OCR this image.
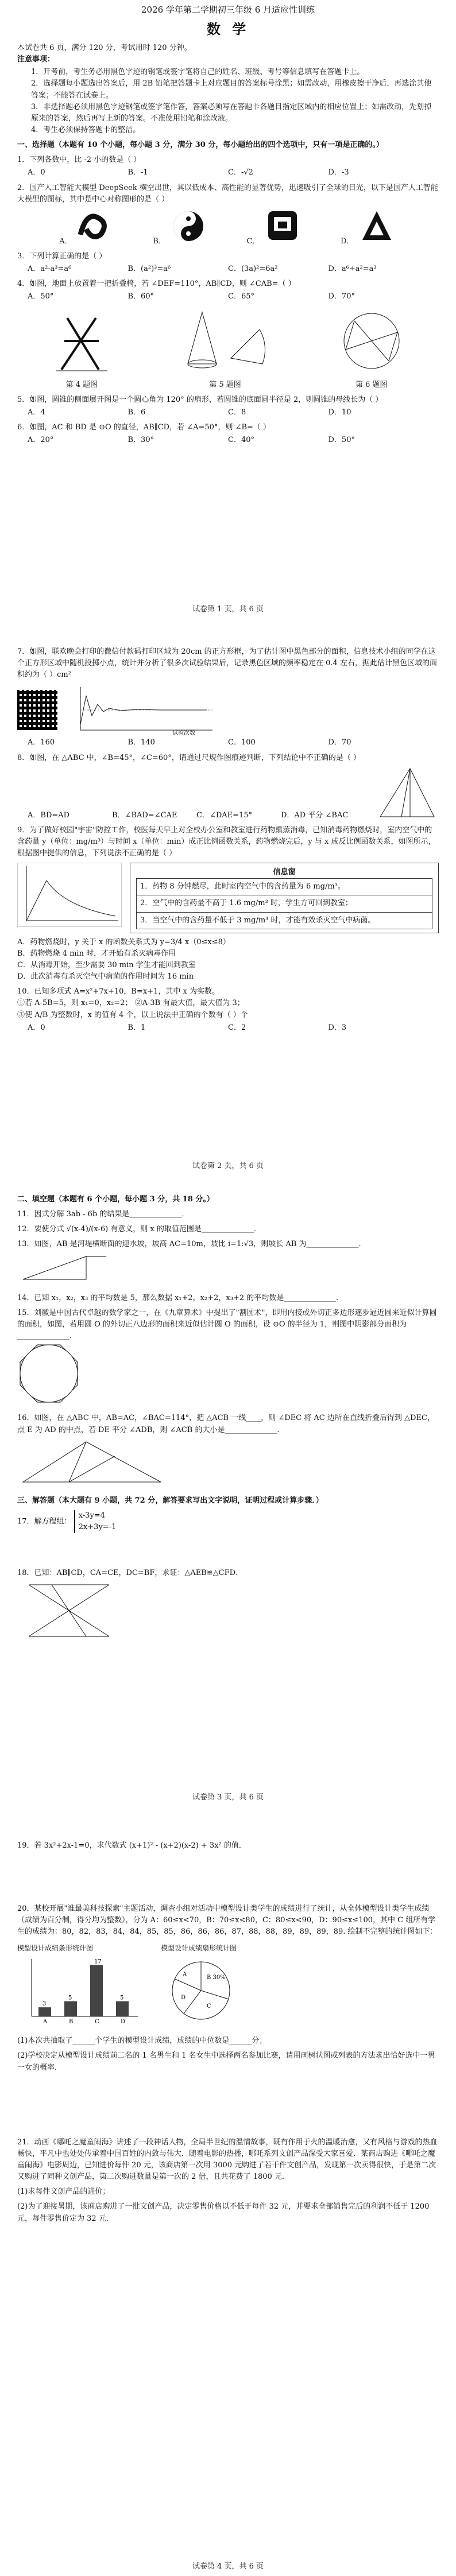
2026 学年第二学期初三年级 6 月适应性训练
数 学
本试卷共 6 页，满分 120 分，考试用时 120 分钟。
注意事项：

1．开考前，考生务必用黑色字迹的钢笔或签字笔将自己的姓名、班级、考号等信息填写在答题卡上。

2．选择题每小题选出答案后，用 2B 铅笔把答题卡上对应题目的答案标号涂黑；如需改动，用橡皮擦干净后，再选涂其他答案；不能答在试卷上。

3．非选择题必须用黑色字迹钢笔或签字笔作答，答案必须写在答题卡各题目指定区域内的相应位置上；如需改动，先划掉原来的答案，然后再写上新的答案。不准使用铅笔和涂改液。

4．考生必须保持答题卡的整洁。

一、选择题（本题有 10 个小题，每小题 3 分，满分 30 分，每小题给出的四个选项中，只有一项是正确的。）
1．下列各数中，比 -2 小的数是（ ）
A．0	B．-1	C．-√2	D．-3
2．国产人工智能大模型 DeepSeek 横空出世，其以低成本、高性能的显著优势，迅速吸引了全球的目光，以下是国产人工智能大模型的图标，其中是中心对称图形的是（ ）
A．	B．	C．	D．
3．下列计算正确的是（ ）
A．a²·a³=a⁶	B．(a²)³=a⁶	C．(3a)²=6a²	D．a⁶÷a²=a³
4．如图，地面上放置着一把折叠椅，若 ∠DEF=110°，AB∥CD，则 ∠CAB=（ ）
A．50°	B．60°	C．65°	D．70°
第 4 题图	第 5 题图	第 6 题图
5．如图，圆锥的侧面展开图是一个圆心角为 120° 的扇形，若圆锥的底面圆半径是 2，则圆锥的母线长为（ ）
A．4	B．6	C．8	D．10
6．如图，AC 和 BD 是 ⊙O 的直径，AB∥CD，若 ∠A=50°，则 ∠B=（ ）
A．20°	B．30°	C．40°	D．50°
试卷第 1 页，共 6 页
7．如图，联欢晚会打印的微信付款码打印区域为 20cm 的正方形框，为了估计图中黑色部分的面积，信息技术小组的同学在这个正方形区域中随机投掷小点，统计并分析了很多次试验结果后，记录黑色区域的频率稳定在 0.4 左右，据此估计黑色区域的面积约为（ ）cm²
试验次数
A．160	B．140	C．100	D．70
8．如图，在 △ABC 中，∠B=45°，∠C=60°，请通过尺规作图痕迹判断，下列结论中不正确的是（ ）
A．BD=AD	B．∠BAD=∠CAE	C．∠DAE=15°	D．AD 平分 ∠BAC
9．为了做好校园"宇宙"防控工作，校医每天早上对全校办公室和教室进行药物熏蒸消毒，已知消毒药物燃烧时，室内空气中的含药量 y（单位：mg/m³）与时间 x（单位：min）成正比例函数关系，药物燃烧完后，y 与 x 成反比例函数关系，如图所示，根据图中提供的信息，下列说法不正确的是（ ）
信息窗
1．药物 8 分钟燃尽，此时室内空气中的含药量为 6 mg/m³。
2．空气中的含药量不高于 1.6 mg/m³ 时，学生方可回到教室；
3．当空气中的含药量不低于 3 mg/m³ 时，才能有效杀灭空气中病菌。
A．药物燃烧时，y 关于 x 的函数关系式为 y=3/4 x（0≤x≤8）
B．药物燃烧 4 min 时，才开始有杀灭病毒作用
C．从消毒开始，至少需要 30 min 学生才能回到教室
D．此次消毒有杀灭空气中病菌的作用时间为 16 min
10．已知多项式 A=x²+7x+10，B=x+1，其中 x 为实数。
①若 A-5B=5，则 x₁=0，x₂=2； ②A-3B 有最大值，最大值为 3；
③使 A/B 为整数时，x 的值有 4 个，以上说法中正确的个数有（ ）个
A．0	B．1	C．2	D．3
试卷第 2 页，共 6 页
二、填空题（本题有 6 个小题，每小题 3 分，共 18 分。）
11．因式分解 3ab - 6b 的结果是______________．
12．要使分式 √(x-4)/(x-6) 有意义，则 x 的取值范围是______________．
13．如图，AB 是河堤横断面的迎水坡，坡高 AC=10m，坡比 i=1:√3，则坡长 AB 为______________．
14．已知 x₁，x₂，x₃ 的平均数是 5，那么数据 x₁+2，x₂+2，x₃+2 的平均数是______________．
15．刘徽是中国古代卓越的数学家之一，在《九章算术》中提出了"割圆术"，即用内接或外切正多边形逐步逼近圆来近似计算圆的面积，如图，若用圆 O 的外切正八边形的面积来近似估计圆 O 的面积，设 ⊙O 的半径为 1，则图中阴影部分面积为______________．
16．如图，在 △ABC 中，AB=AC，∠BAC=114°，把 △ACB 一线____，则 ∠DEC 将 AC 边所在直线折叠后得到 △DEC，点 E 为 AD 的中点，若 DE 平分 ∠ADB，则 ∠ACB 的大小是______________．
三、解答题（本大题有 9 小题，共 72 分，解答要求写出文字说明，证明过程或计算步骤．）
17．解方程组：
x-3y=4
2x+3y=-1
18．已知：AB∥CD，CA=CE，DC=BF，求证：△AEB≌△CFD．
试卷第 3 页，共 6 页
19．若 3x²+2x-1=0，求代数式 (x+1)² - (x+2)(x-2) + 3x² 的值．
20．某校开展"谁最美科技探索"主题活动，调查小组对活动中模型设计类学生的成绩进行了统计，从全体模型设计类学生成绩（成绩为百分制，得分均为整数），分为 A：60≤x<70，B：70≤x<80，C：80≤x<90，D：90≤x≤100，其中 C 组所有学生的成绩为：80，82，83，84，84，85，85，86，86，86，87，88，88，89，89，89，89. 绘制不完整的统计图如下：
模型设计成绩条形统计图
A
3
B
5
C
17
D
5
模型设计成绩扇形统计图
A	B 30%
C
D
(1)本次共抽取了______个学生的模型设计成绩，成绩的中位数是______分；
(2)学校决定从模型设计成绩前二名的 1 名男生和 1 名女生中选择两名参加比赛，请用画树状图或列表的方法求出恰好选中一男一女的概率．
21．动画《哪吒之魔童闹海》讲述了一段神话人物，全局半世纪的温情故事，既有作用于火的温暖治愈，又有风格与游戏的热血畅快，平凡中也处处传承着中国百姓的内敛与伟大．随着电影的热播，哪吒系列文创产品深受大家喜爱．某商店购进《哪吒之魔童闹海》电影周边，已知进价每件 20 元，该商店第一次用 3000 元购进了若干件文创产品，发现第一次卖得很快，于是第二次又购进了同种文创产品，第二次购进数量是第一次的 2 倍，且共花费了 1800 元．
(1)求每件文创产品的进价；
(2)为了迎接暑期，该商店购进了一批文创产品，决定零售价格以不低于每件 32 元，并要求全部销售完后的利润不低于 1200 元，每件零售价定为 32 元．
试卷第 4 页，共 6 页
